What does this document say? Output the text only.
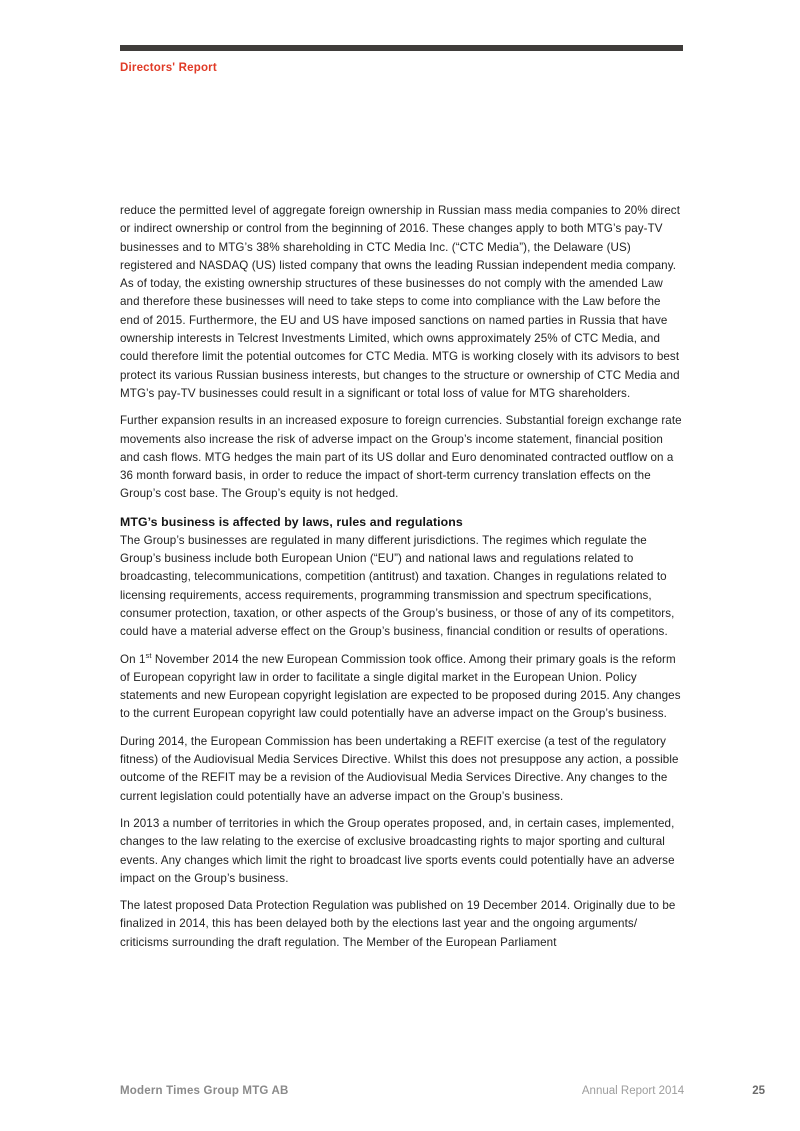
Directors' Report

reduce the permitted level of aggregate foreign ownership in Russian mass media companies to 20% direct or indirect ownership or control from the beginning of 2016. These changes apply to both MTG’s pay-TV businesses and to MTG’s 38% shareholding in CTC Media Inc. (“CTC Media”), the Delaware (US) registered and NASDAQ (US) listed company that owns the leading Russian independent media company. As of today, the existing ownership structures of these businesses do not comply with the amended Law and therefore these businesses will need to take steps to come into compliance with the Law before the end of 2015. Furthermore, the EU and US have imposed sanctions on named parties in Russia that have ownership interests in Telcrest Investments Limited, which owns approximately 25% of CTC Media, and could therefore limit the potential outcomes for CTC Media. MTG is working closely with its advisors to best protect its various Russian business interests, but changes to the structure or ownership of CTC Media and MTG’s pay-TV businesses could result in a significant or total loss of value for MTG shareholders.

Further expansion results in an increased exposure to foreign currencies. Substantial foreign exchange rate movements also increase the risk of adverse impact on the Group’s income statement, financial position and cash flows. MTG hedges the main part of its US dollar and Euro denominated contracted outflow on a 36 month forward basis, in order to reduce the impact of short-term currency translation effects on the Group’s cost base. The Group’s equity is not hedged.

MTG’s business is affected by laws, rules and regulations

The Group’s businesses are regulated in many different jurisdictions. The regimes which regulate the Group’s business include both European Union (“EU”) and national laws and regulations related to broadcasting, telecommunications, competition (antitrust) and taxation. Changes in regulations related to licensing requirements, access requirements, programming transmission and spectrum specifications, consumer protection, taxation, or other aspects of the Group’s business, or those of any of its competitors, could have a material adverse effect on the Group’s business, financial condition or results of operations.

On 1st November 2014 the new European Commission took office. Among their primary goals is the reform of European copyright law in order to facilitate a single digital market in the European Union. Policy statements and new European copyright legislation are expected to be proposed during 2015. Any changes to the current European copyright law could potentially have an adverse impact on the Group’s business.

During 2014, the European Commission has been undertaking a REFIT exercise (a test of the regulatory fitness) of the Audiovisual Media Services Directive. Whilst this does not presuppose any action, a possible outcome of the REFIT may be a revision of the Audiovisual Media Services Directive. Any changes to the current legislation could potentially have an adverse impact on the Group’s business.

In 2013 a number of territories in which the Group operates proposed, and, in certain cases, implemented, changes to the law relating to the exercise of exclusive broadcasting rights to major sporting and cultural events. Any changes which limit the right to broadcast live sports events could potentially have an adverse impact on the Group’s business.

The latest proposed Data Protection Regulation was published on 19 December 2014. Originally due to be finalized in 2014, this has been delayed both by the elections last year and the ongoing arguments/ criticisms surrounding the draft regulation. The Member of the European Parliament

Modern Times Group MTG AB	Annual Report 2014	25
